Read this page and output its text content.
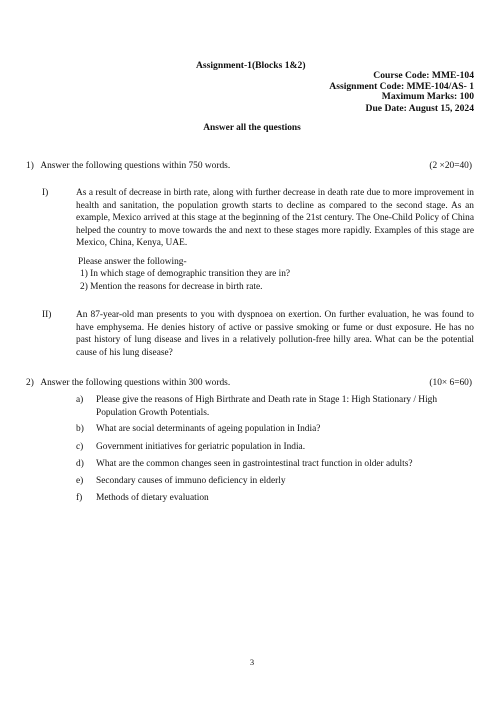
Assignment-1(Blocks 1&2)
Course Code: MME-104
Assignment Code: MME-104/AS- 1
Maximum Marks: 100
Due Date: August 15, 2024
Answer all the questions
1) Answer the following questions within 750 words.	(2 ×20=40)
I)	As a result of decrease in birth rate, along with further decrease in death rate due to more improvement in health and sanitation, the population growth starts to decline as compared to the second stage. As an example, Mexico arrived at this stage at the beginning of the 21st century. The One-Child Policy of China helped the country to move towards the and next to these stages more rapidly. Examples of this stage are Mexico, China, Kenya, UAE.
Please answer the following-
1) In which stage of demographic transition they are in?
2) Mention the reasons for decrease in birth rate.
II)	An 87-year-old man presents to you with dyspnoea on exertion. On further evaluation, he was found to have emphysema. He denies history of active or passive smoking or fume or dust exposure. He has no past history of lung disease and lives in a relatively pollution-free hilly area. What can be the potential cause of his lung disease?
2) Answer the following questions within 300 words.	(10× 6=60)
a) Please give the reasons of High Birthrate and Death rate in Stage 1: High Stationary / High Population Growth Potentials.
b) What are social determinants of ageing population in India?
c) Government initiatives for geriatric population in India.
d) What are the common changes seen in gastrointestinal tract function in older adults?
e) Secondary causes of immuno deficiency in elderly
f) Methods of dietary evaluation
3
